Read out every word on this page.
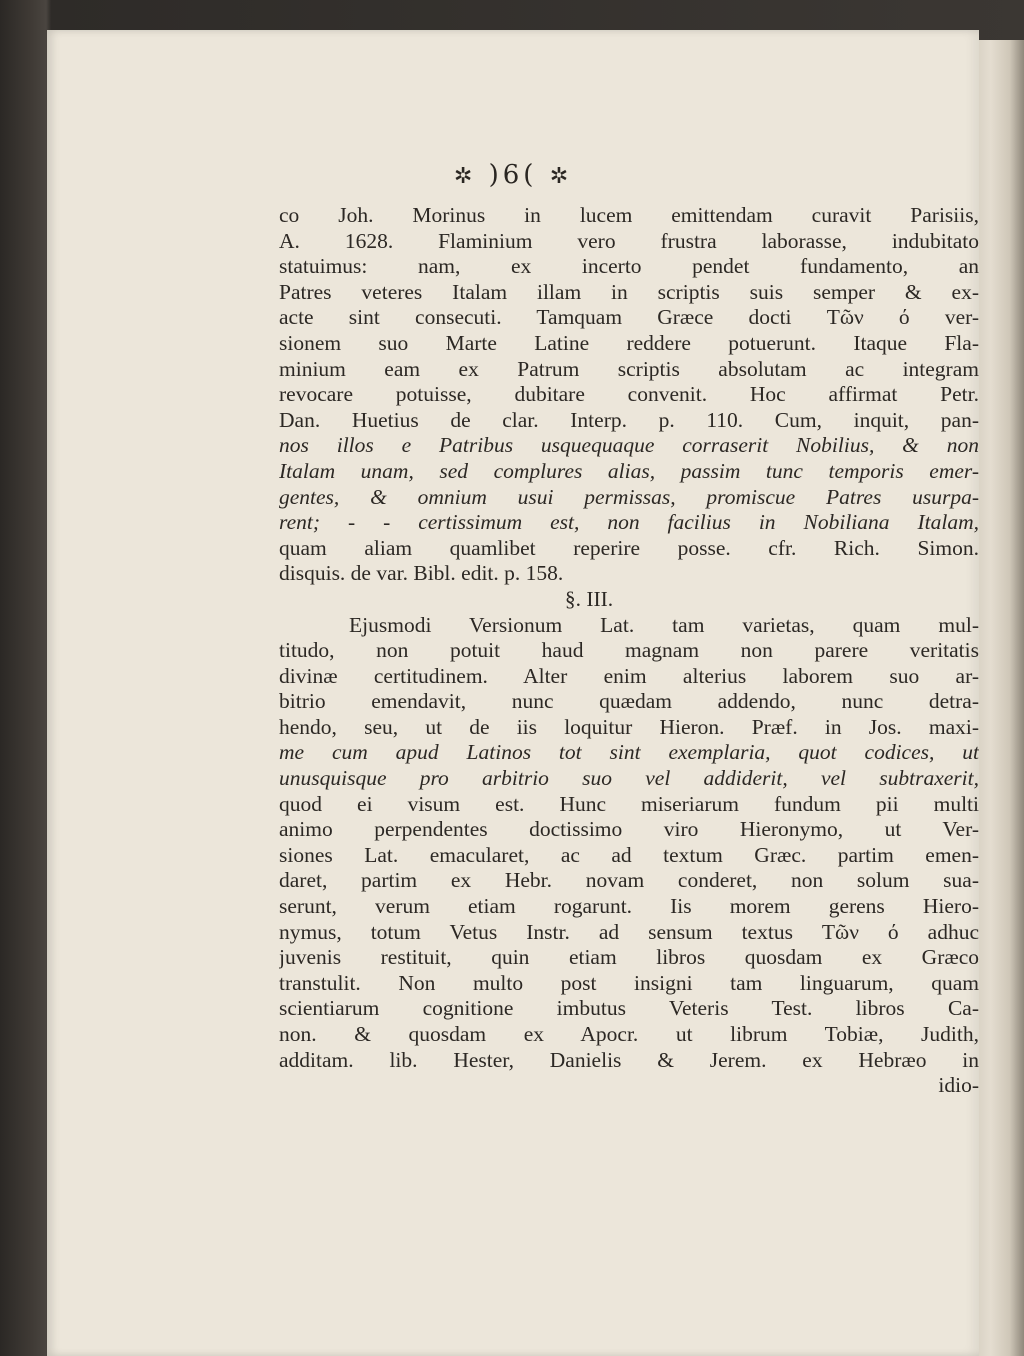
✲ )6( ✲
co Joh. Morinus in lucem emittendam curavit Parisiis,
A. 1628. Flaminium vero frustra laborasse, indubitato
statuimus: nam, ex incerto pendet fundamento, an
Patres veteres Italam illam in scriptis suis semper & ex-
acte sint consecuti. Tamquam Græce docti Τῶν ό ver-
sionem suo Marte Latine reddere potuerunt. Itaque Fla-
minium eam ex Patrum scriptis absolutam ac integram
revocare potuisse, dubitare convenit. Hoc affirmat Petr.
Dan. Huetius de clar. Interp. p. 110. Cum, inquit, pan-
nos illos e Patribus usquequaque corraserit Nobilius, & non
Italam unam, sed complures alias, passim tunc temporis emer-
gentes, & omnium usui permissas, promiscue Patres usurpa-
rent; - - certissimum est, non facilius in Nobiliana Italam,
quam aliam quamlibet reperire posse. cfr. Rich. Simon.
disquis. de var. Bibl. edit. p. 158.
§. III.
Ejusmodi Versionum Lat. tam varietas, quam mul-
titudo, non potuit haud magnam non parere veritatis
divinæ certitudinem. Alter enim alterius laborem suo ar-
bitrio emendavit, nunc quædam addendo, nunc detra-
hendo, seu, ut de iis loquitur Hieron. Præf. in Jos. maxi-
me cum apud Latinos tot sint exemplaria, quot codices, ut
unusquisque pro arbitrio suo vel addiderit, vel subtraxerit,
quod ei visum est. Hunc miseriarum fundum pii multi
animo perpendentes doctissimo viro Hieronymo, ut Ver-
siones Lat. emacularet, ac ad textum Græc. partim emen-
daret, partim ex Hebr. novam conderet, non solum sua-
serunt, verum etiam rogarunt. Iis morem gerens Hiero-
nymus, totum Vetus Instr. ad sensum textus Τῶν ό adhuc
juvenis restituit, quin etiam libros quosdam ex Græco
transtulit. Non multo post insigni tam linguarum, quam
scientiarum cognitione imbutus Veteris Test. libros Ca-
non. & quosdam ex Apocr. ut librum Tobiæ, Judith,
additam. lib. Hester, Danielis & Jerem. ex Hebræo in
idio-
